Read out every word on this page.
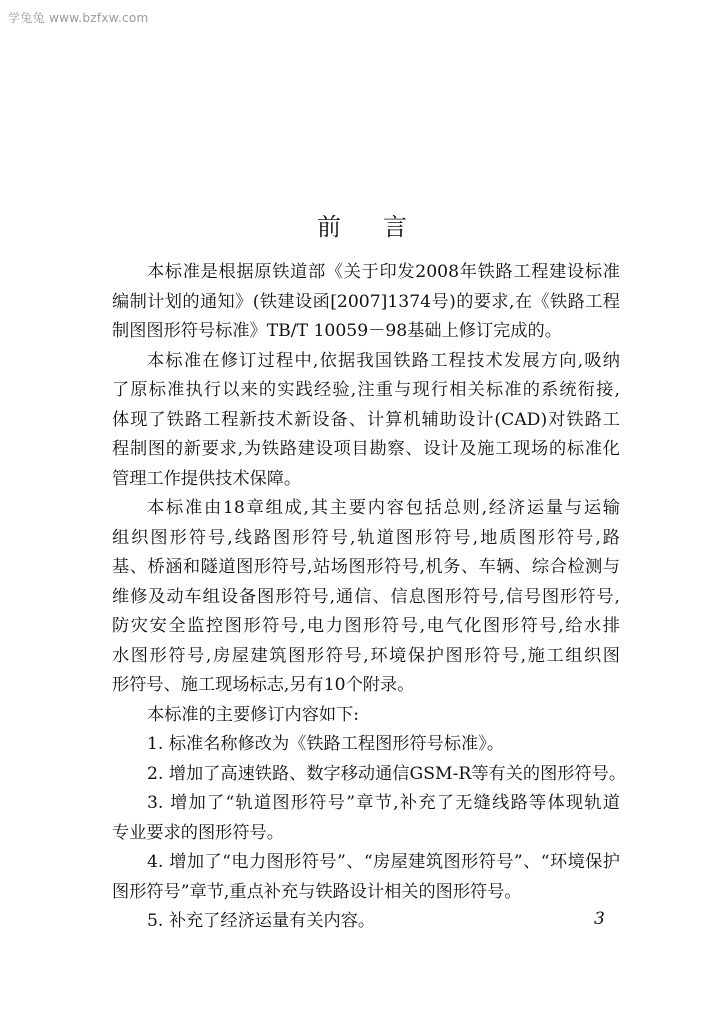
学兔兔 www.bzfxw.com
前言
本标准是根据原铁道部《关于印发2008年铁路工程建设标准
编制计划的通知》(铁建设函[2007]1374号)的要求,在《铁路工程
制图图形符号标准》TB/T 10059－98基础上修订完成的。
本标准在修订过程中,依据我国铁路工程技术发展方向,吸纳
了原标准执行以来的实践经验,注重与现行相关标准的系统衔接,
体现了铁路工程新技术新设备、计算机辅助设计(CAD)对铁路工
程制图的新要求,为铁路建设项目勘察、设计及施工现场的标准化
管理工作提供技术保障。
本标准由18章组成,其主要内容包括总则,经济运量与运输
组织图形符号,线路图形符号,轨道图形符号,地质图形符号,路
基、桥涵和隧道图形符号,站场图形符号,机务、车辆、综合检测与
维修及动车组设备图形符号,通信、信息图形符号,信号图形符号,
防灾安全监控图形符号,电力图形符号,电气化图形符号,给水排
水图形符号,房屋建筑图形符号,环境保护图形符号,施工组织图
形符号、施工现场标志,另有10个附录。
本标准的主要修订内容如下:
1. 标准名称修改为《铁路工程图形符号标准》。
2. 增加了高速铁路、数字移动通信GSM-R等有关的图形符号。
3. 增加了“轨道图形符号”章节,补充了无缝线路等体现轨道
专业要求的图形符号。
4. 增加了“电力图形符号”、“房屋建筑图形符号”、“环境保护
图形符号”章节,重点补充与铁路设计相关的图形符号。
5. 补充了经济运量有关内容。	3
